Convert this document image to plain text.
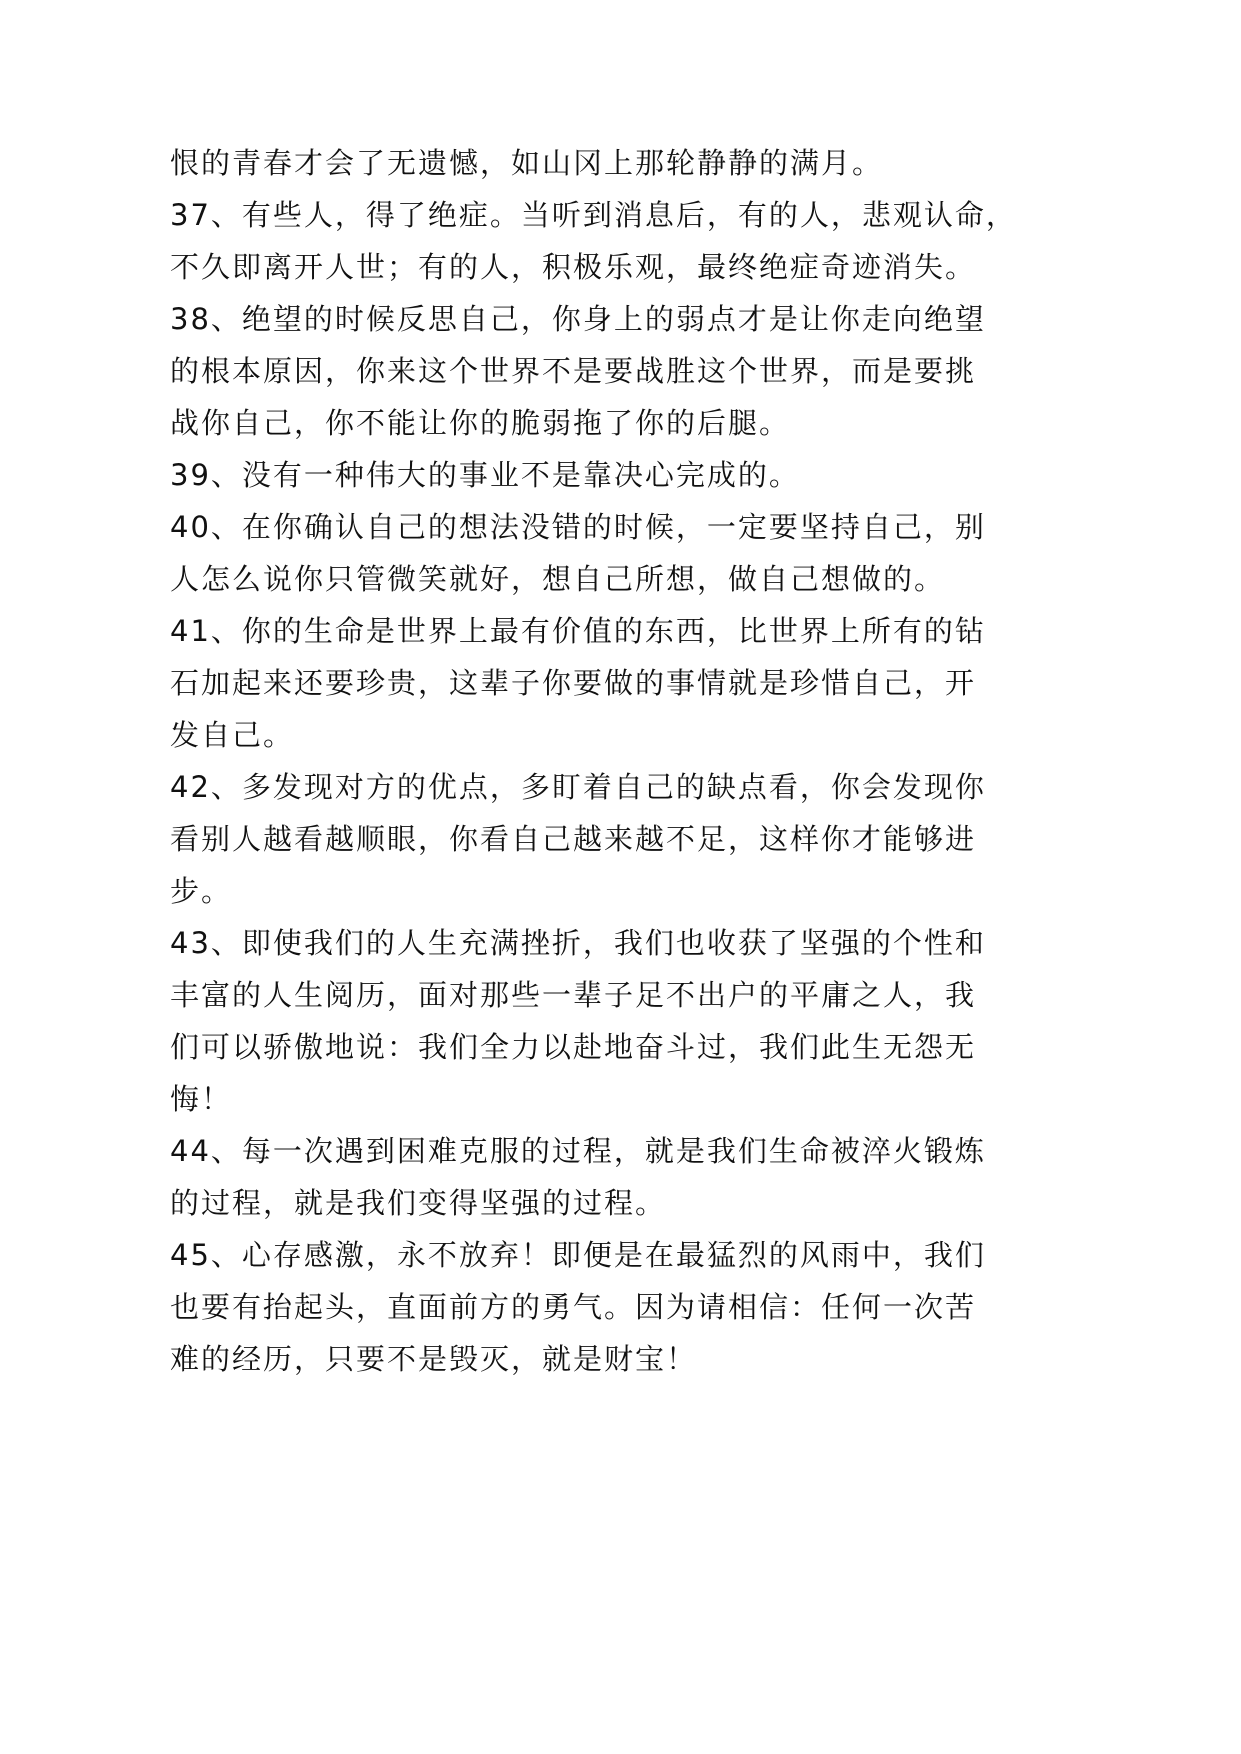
恨的青春才会了无遗憾，如山冈上那轮静静的满月。

37、有些人，得了绝症。当听到消息后，有的人，悲观认命，

不久即离开人世；有的人，积极乐观，最终绝症奇迹消失。

38、绝望的时候反思自己，你身上的弱点才是让你走向绝望

的根本原因，你来这个世界不是要战胜这个世界，而是要挑

战你自己，你不能让你的脆弱拖了你的后腿。

39、没有一种伟大的事业不是靠决心完成的。

40、在你确认自己的想法没错的时候，一定要坚持自己，别

人怎么说你只管微笑就好，想自己所想，做自己想做的。

41、你的生命是世界上最有价值的东西，比世界上所有的钻

石加起来还要珍贵，这辈子你要做的事情就是珍惜自己，开

发自己。

42、多发现对方的优点，多盯着自己的缺点看，你会发现你

看别人越看越顺眼，你看自己越来越不足，这样你才能够进

步。

43、即使我们的人生充满挫折，我们也收获了坚强的个性和

丰富的人生阅历，面对那些一辈子足不出户的平庸之人，我

们可以骄傲地说：我们全力以赴地奋斗过，我们此生无怨无

悔！

44、每一次遇到困难克服的过程，就是我们生命被淬火锻炼

的过程，就是我们变得坚强的过程。

45、心存感激，永不放弃！即便是在最猛烈的风雨中，我们

也要有抬起头，直面前方的勇气。因为请相信：任何一次苦

难的经历，只要不是毁灭，就是财宝！
